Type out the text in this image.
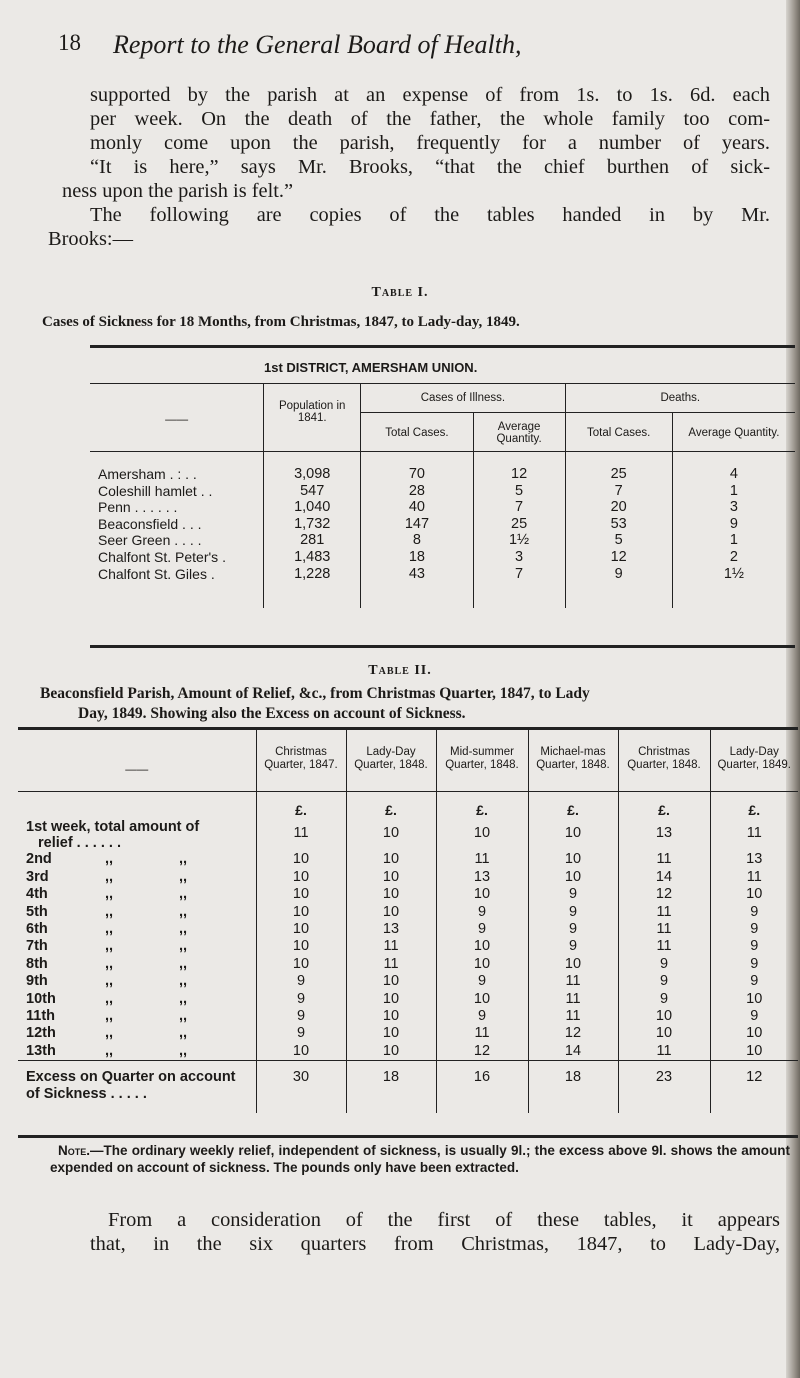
18 Report to the General Board of Health,
supported by the parish at an expense of from 1s. to 1s. 6d. each
per week. On the death of the father, the whole family too com-
monly come upon the parish, frequently for a number of years.
“It is here,” says Mr. Brooks, “that the chief burthen of sick-
ness upon the parish is felt.”
The following are copies of the tables handed in by Mr.
Brooks:—
Table I.
Cases of Sickness for 18 Months, from Christmas, 1847, to Lady-day, 1849.
1st DISTRICT, AMERSHAM UNION.					
——	Population in 1841.	Cases of Illness.		Deaths.	
		Total Cases.	Average Quantity.	Total Cases.	Average Quantity.
Amersham . : . .	3,098	70	12	25	4
Coleshill hamlet . .	547	28	5	7	1
Penn . . . . . .	1,040	40	7	20	3
Beaconsfield . . .	1,732	147	25	53	9
Seer Green . . . .	281	8	1½	5	1
Chalfont St. Peter's .	1,483	18	3	12	2
Chalfont St. Giles .	1,228	43	7	9	1½
Table II.
Beaconsfield Parish, Amount of Relief, &c., from Christmas Quarter, 1847, to Lady
Day, 1849. Showing also the Excess on account of Sickness.
——	Christmas Quarter, 1847.	Lady-Day Quarter, 1848.	Mid-summer Quarter, 1848.	Michael-mas Quarter, 1848.	Christmas Quarter, 1848.	Lady-Day Quarter, 1849.
	£.	£.	£.	£.	£.	£.

1st week, total amount of
relief . . . . . .	11	10	10	10	13	11
2nd ,, ,,	10	10	11	10	11	13
3rd ,, ,,	10	10	13	10	14	11
4th ,, ,,	10	10	10	9	12	10
5th ,, ,,	10	10	9	9	11	9
6th ,, ,,	10	13	9	9	11	9
7th ,, ,,	10	11	10	9	11	9
8th ,, ,,	10	11	10	10	9	9
9th ,, ,,	9	10	9	11	9	9
10th ,, ,,	9	10	10	11	9	10
11th ,, ,,	9	10	9	11	10	9
12th ,, ,,	9	10	11	12	10	10
13th ,, ,,	10	10	12	14	11	10

Excess on Quarter on account
of Sickness . . . . .	30	18	16	18	23	12
Note.—The ordinary weekly relief, independent of sickness, is usually 9l.; the excess above 9l. shows the amount expended on account of sickness. The pounds only have been extracted.
From a consideration of the first of these tables, it appears
that, in the six quarters from Christmas, 1847, to Lady-Day,
